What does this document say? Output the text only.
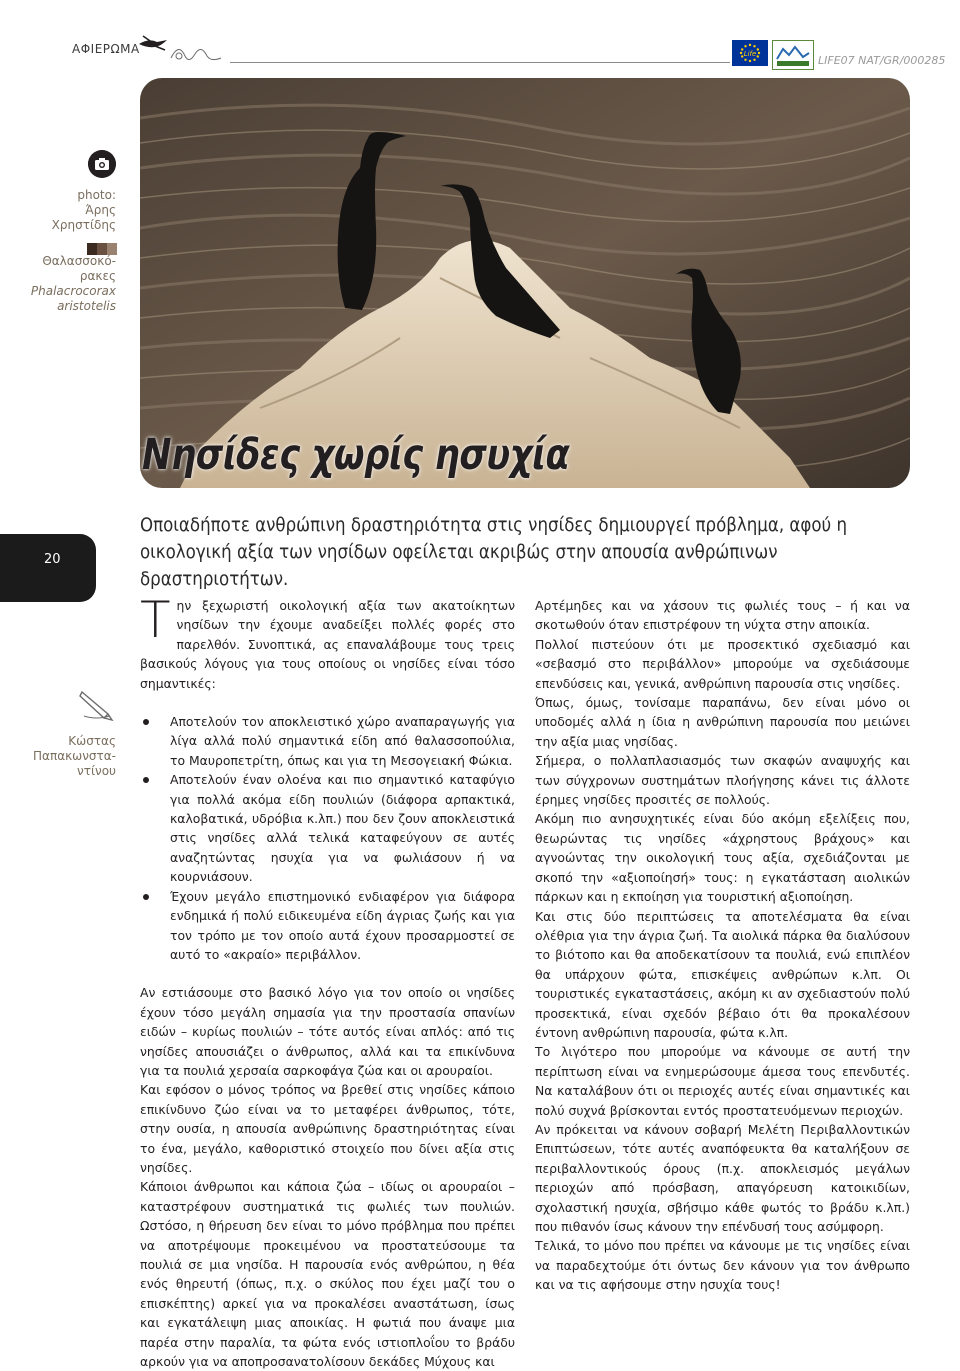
ΑΦΙΕΡΩΜΑ	Life	LIFE07 NAT/GR/000285
photo:
Άρης Χρηστίδης
Θαλασσοκό-ρακες
Phalacrocorax aristotelis
Νησίδες χωρίς ησυχία
20
Οποιαδήποτε ανθρώπινη δραστηριότητα στις νησίδες δημιουργεί πρόβλημα, αφού η οικολογική αξία των νησίδων οφείλεται ακριβώς στην απουσία ανθρώπινων δραστηριοτήτων.
Κώστας Παπακωνστα-ντίνου

Την ξεχωριστή οικολογική αξία των ακατοίκητων νησίδων την έχουμε αναδείξει πολλές φορές στο παρελθόν. Συνοπτικά, ας επαναλάβουμε τους τρεις βασικούς λόγους για τους οποίους οι νησίδες είναι τόσο σημαντικές:

Αποτελούν τον αποκλειστικό χώρο αναπαραγωγής για λίγα αλλά πολύ σημαντικά είδη από θαλασσοπούλια, το Μαυροπετρίτη, όπως και για τη Μεσογειακή Φώκια.
Αποτελούν έναν ολοένα και πιο σημαντικό καταφύγιο για πολλά ακόμα είδη πουλιών (διάφορα αρπακτικά, καλοβατικά, υδρόβια κ.λπ.) που δεν ζουν αποκλειστικά στις νησίδες αλλά τελικά καταφεύγουν σε αυτές αναζητώντας ησυχία για να φωλιάσουν ή να κουρνιάσουν.
Έχουν μεγάλο επιστημονικό ενδιαφέρον για διάφορα ενδημικά ή πολύ ειδικευμένα είδη άγριας ζωής και για τον τρόπο με τον οποίο αυτά έχουν προσαρμοστεί σε αυτό το «ακραίο» περιβάλλον.

Αν εστιάσουμε στο βασικό λόγο για τον οποίο οι νησίδες έχουν τόσο μεγάλη σημασία για την προστασία σπανίων ειδών – κυρίως πουλιών – τότε αυτός είναι απλός: από τις νησίδες απουσιάζει ο άνθρωπος, αλλά και τα επικίνδυνα για τα πουλιά χερσαία σαρκοφάγα ζώα και οι αρουραίοι.

Και εφόσον ο μόνος τρόπος να βρεθεί στις νησίδες κάποιο επικίνδυνο ζώο είναι να το μεταφέρει άνθρωπος, τότε, στην ουσία, η απουσία ανθρώπινης δραστηριότητας είναι το ένα, μεγάλο, καθοριστικό στοιχείο που δίνει αξία στις νησίδες.

Κάποιοι άνθρωποι και κάποια ζώα – ιδίως οι αρουραίοι – καταστρέφουν συστηματικά τις φωλιές των πουλιών. Ωστόσο, η θήρευση δεν είναι το μόνο πρόβλημα που πρέπει να αποτρέψουμε προκειμένου να προστατεύσουμε τα πουλιά σε μια νησίδα. Η παρουσία ενός ανθρώπου, η θέα ενός θηρευτή (όπως, π.χ. ο σκύλος που έχει μαζί του ο επισκέπτης) αρκεί για να προκαλέσει αναστάτωση, ίσως και εγκατάλειψη μιας αποικίας. Η φωτιά που άναψε μια παρέα στην παραλία, τα φώτα ενός ιστιοπλοΐου το βράδυ αρκούν για να αποπροσανατολίσουν δεκάδες Μύχους και

Αρτέμηδες και να χάσουν τις φωλιές τους – ή και να σκοτωθούν όταν επιστρέφουν τη νύχτα στην αποικία.

Πολλοί πιστεύουν ότι με προσεκτικό σχεδιασμό και «σεβασμό στο περιβάλλον» μπορούμε να σχεδιάσουμε επενδύσεις και, γενικά, ανθρώπινη παρουσία στις νησίδες.

Όπως, όμως, τονίσαμε παραπάνω, δεν είναι μόνο οι υποδομές αλλά η ίδια η ανθρώπινη παρουσία που μειώνει την αξία μιας νησίδας.

Σήμερα, ο πολλαπλασιασμός των σκαφών αναψυχής και των σύγχρονων συστημάτων πλοήγησης κάνει τις άλλοτε έρημες νησίδες προσιτές σε πολλούς.

Ακόμη πιο ανησυχητικές είναι δύο ακόμη εξελίξεις που, θεωρώντας τις νησίδες «άχρηστους βράχους» και αγνοώντας την οικολογική τους αξία, σχεδιάζονται με σκοπό την «αξιοποίησή» τους: η εγκατάσταση αιολικών πάρκων και η εκποίηση για τουριστική αξιοποίηση.

Και στις δύο περιπτώσεις τα αποτελέσματα θα είναι ολέθρια για την άγρια ζωή. Τα αιολικά πάρκα θα διαλύσουν το βιότοπο και θα αποδεκατίσουν τα πουλιά, ενώ επιπλέον θα υπάρχουν φώτα, επισκέψεις ανθρώπων κ.λπ. Οι τουριστικές εγκαταστάσεις, ακόμη κι αν σχεδιαστούν πολύ προσεκτικά, είναι σχεδόν βέβαιο ότι θα προκαλέσουν έντονη ανθρώπινη παρουσία, φώτα κ.λπ.

Το λιγότερο που μπορούμε να κάνουμε σε αυτή την περίπτωση είναι να ενημερώσουμε άμεσα τους επενδυτές. Να καταλάβουν ότι οι περιοχές αυτές είναι σημαντικές και πολύ συχνά βρίσκονται εντός προστατευόμενων περιοχών.

Αν πρόκειται να κάνουν σοβαρή Μελέτη Περιβαλλοντικών Επιπτώσεων, τότε αυτές αναπόφευκτα θα καταλήξουν σε περιβαλλοντικούς όρους (π.χ. αποκλεισμός μεγάλων περιοχών από πρόσβαση, απαγόρευση κατοικιδίων, σχολαστική ησυχία, σβήσιμο κάθε φωτός το βράδυ κ.λπ.) που πιθανόν ίσως κάνουν την επένδυσή τους ασύμφορη.

Τελικά, το μόνο που πρέπει να κάνουμε με τις νησίδες είναι να παραδεχτούμε ότι όντως δεν κάνουν για τον άνθρωπο και να τις αφήσουμε στην ησυχία τους!
